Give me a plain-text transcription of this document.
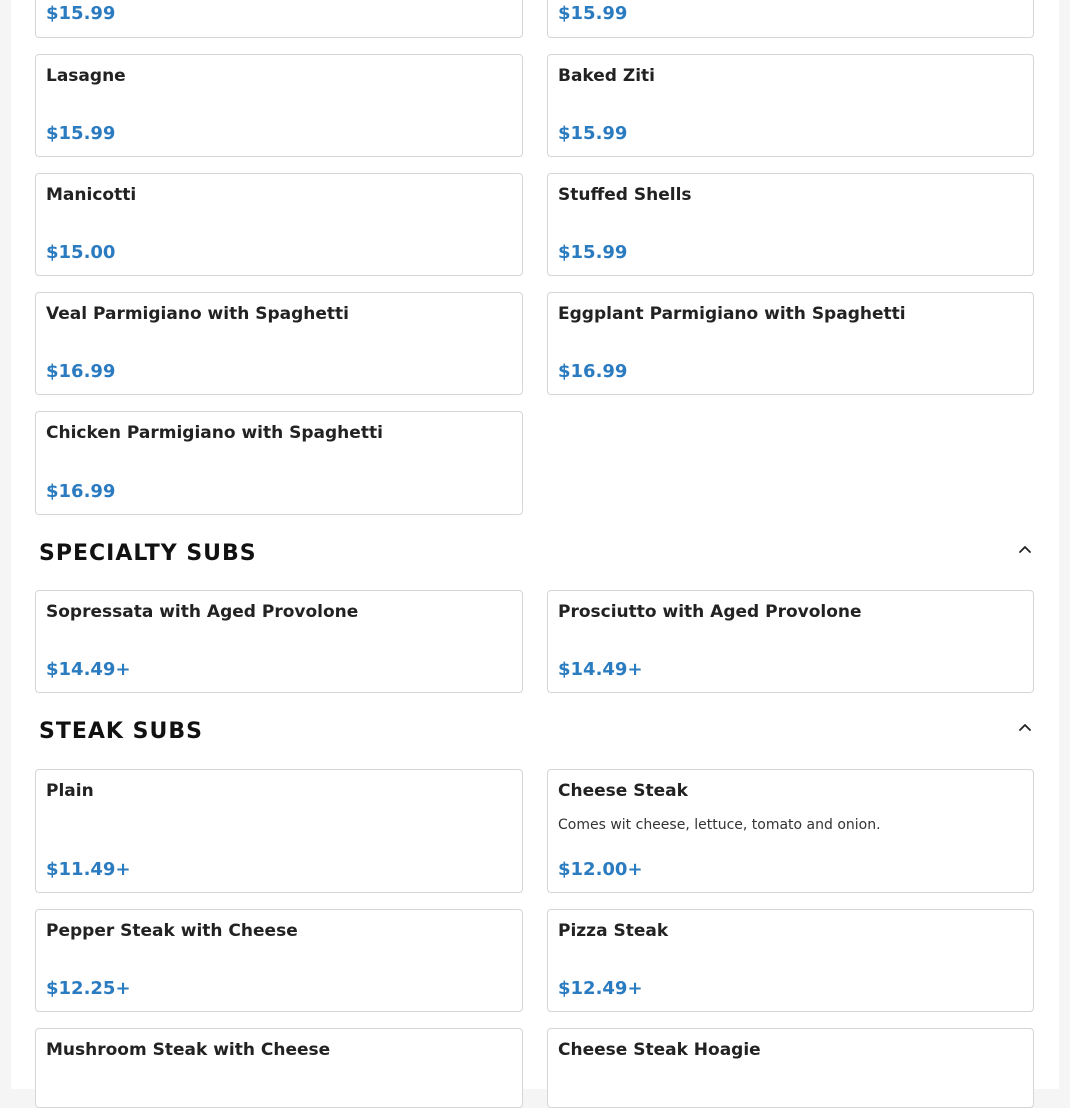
$15.99	$15.99
Lasagne
$15.99
Baked Ziti
$15.99
Manicotti
$15.00
Stuffed Shells
$15.99
Veal Parmigiano with Spaghetti
$16.99
Eggplant Parmigiano with Spaghetti
$16.99
Chicken Parmigiano with Spaghetti
$16.99
SPECIALTY SUBS
Sopressata with Aged Provolone
$14.49+
Prosciutto with Aged Provolone
$14.49+
STEAK SUBS
Plain
$11.49+
Cheese Steak
Comes wit cheese, lettuce, tomato and onion.
$12.00+
Pepper Steak with Cheese
$12.25+
Pizza Steak
$12.49+
Mushroom Steak with Cheese	Cheese Steak Hoagie
